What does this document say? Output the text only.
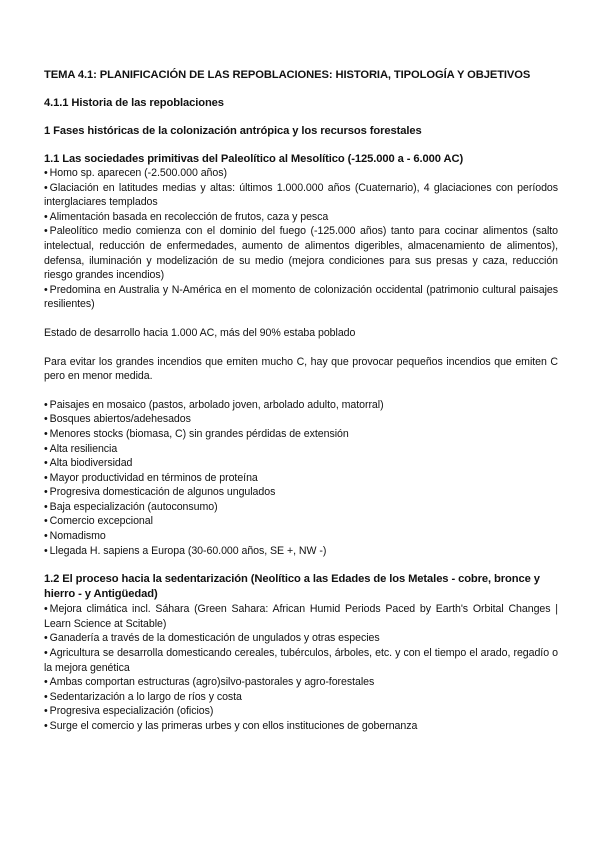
TEMA 4.1: PLANIFICACIÓN DE LAS REPOBLACIONES: HISTORIA, TIPOLOGÍA Y OBJETIVOS

4.1.1 Historia de las repoblaciones

1 Fases históricas de la colonización antrópica y los recursos forestales

1.1 Las sociedades primitivas del Paleolítico al Mesolítico (-125.000 a - 6.000 AC)

• Homo sp. aparecen (-2.500.000 años)
• Glaciación en latitudes medias y altas: últimos 1.000.000 años (Cuaternario), 4 glaciaciones con períodos interglaciares templados
• Alimentación basada en recolección de frutos, caza y pesca
• Paleolítico medio comienza con el dominio del fuego (-125.000 años) tanto para cocinar alimentos (salto intelectual, reducción de enfermedades, aumento de alimentos digeribles, almacenamiento de alimentos), defensa, iluminación y modelización de su medio (mejora condiciones para sus presas y caza, reducción riesgo grandes incendios)
• Predomina en Australia y N-América en el momento de colonización occidental (patrimonio cultural paisajes resilientes)

Estado de desarrollo hacia 1.000 AC, más del 90% estaba poblado

Para evitar los grandes incendios que emiten mucho C, hay que provocar pequeños incendios que emiten C pero en menor medida.

• Paisajes en mosaico (pastos, arbolado joven, arbolado adulto, matorral)
• Bosques abiertos/adehesados
• Menores stocks (biomasa, C) sin grandes pérdidas de extensión
• Alta resiliencia
• Alta biodiversidad
• Mayor productividad en términos de proteína
• Progresiva domesticación de algunos ungulados
• Baja especialización (autoconsumo)
• Comercio excepcional
• Nomadismo
• Llegada H. sapiens a Europa (30-60.000 años, SE +, NW -)

1.2 El proceso hacia la sedentarización (Neolítico a las Edades de los Metales - cobre, bronce y hierro - y Antigüedad)

• Mejora climática incl. Sáhara (Green Sahara: African Humid Periods Paced by Earth's Orbital Changes | Learn Science at Scitable)
• Ganadería a través de la domesticación de ungulados y otras especies
• Agricultura se desarrolla domesticando cereales, tubérculos, árboles, etc. y con el tiempo el arado, regadío o la mejora genética
• Ambas comportan estructuras (agro)silvo-pastorales y agro-forestales
• Sedentarización a lo largo de ríos y costa
• Progresiva especialización (oficios)
• Surge el comercio y las primeras urbes y con ellos instituciones de gobernanza
